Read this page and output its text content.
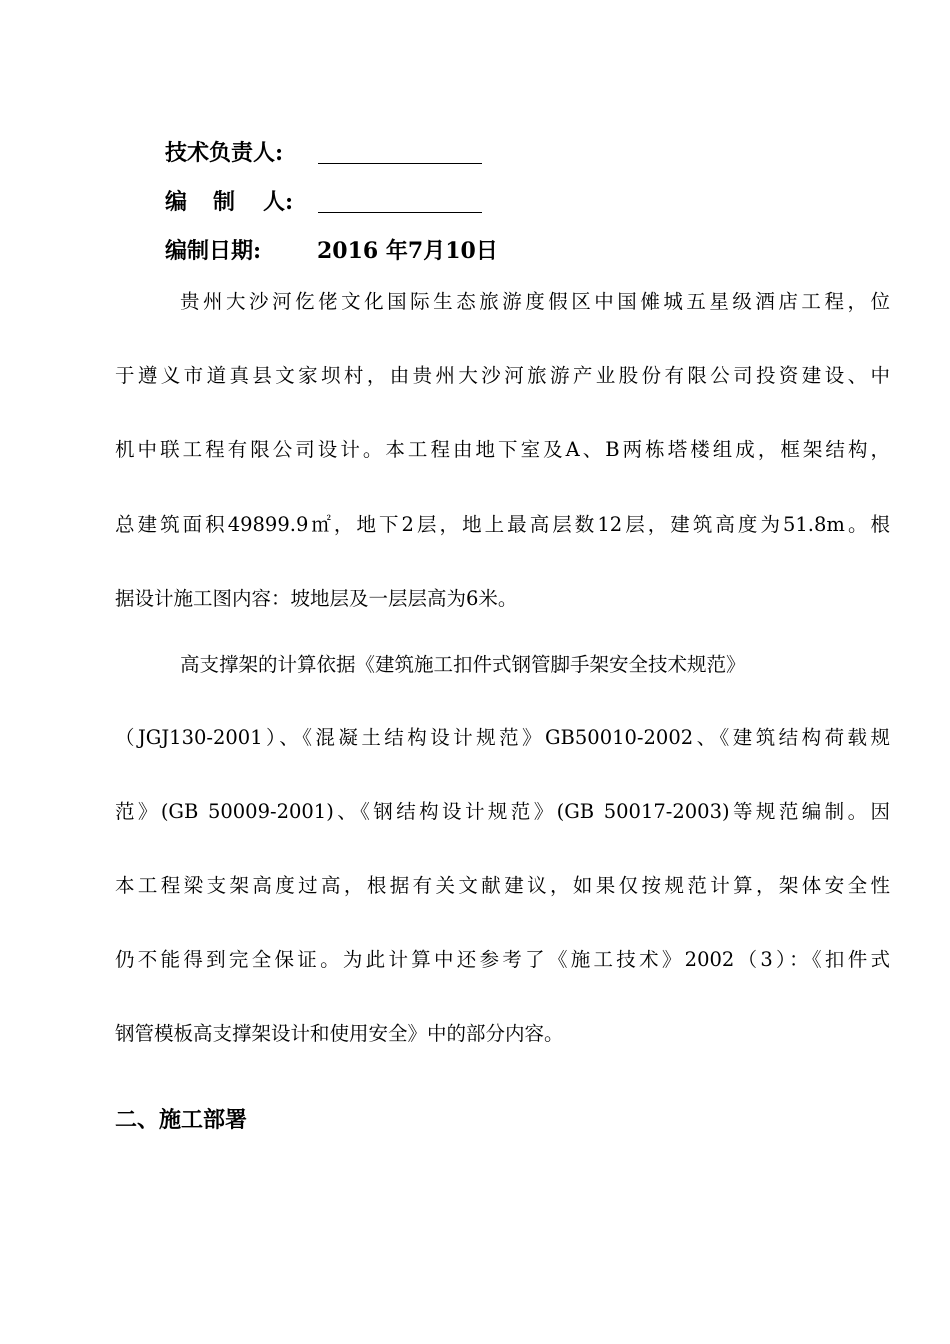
技术负责人:
编 制 人:
编制日期:	2016 年7月10日
贵州大沙河仡佬文化国际生态旅游度假区中国傩城五星级酒店工程，位
于遵义市道真县文家坝村，由贵州大沙河旅游产业股份有限公司投资建设、中
机中联工程有限公司设计。本工程由地下室及A、B两栋塔楼组成，框架结构，
总建筑面积49899.9㎡，地下2层，地上最高层数12层，建筑高度为51.8m。根
据设计施工图内容：坡地层及一层层高为6米。
高支撑架的计算依据《建筑施工扣件式钢管脚手架安全技术规范》
（JGJ130-2001）、《混凝土结构设计规范》GB50010-2002、《建筑结构荷载规
范》(GB 50009-2001)、《钢结构设计规范》(GB 50017-2003)等规范编制。因
本工程梁支架高度过高，根据有关文献建议，如果仅按规范计算，架体安全性
仍不能得到完全保证。为此计算中还参考了《施工技术》2002（3）：《扣件式
钢管模板高支撑架设计和使用安全》中的部分内容。
二、施工部署
